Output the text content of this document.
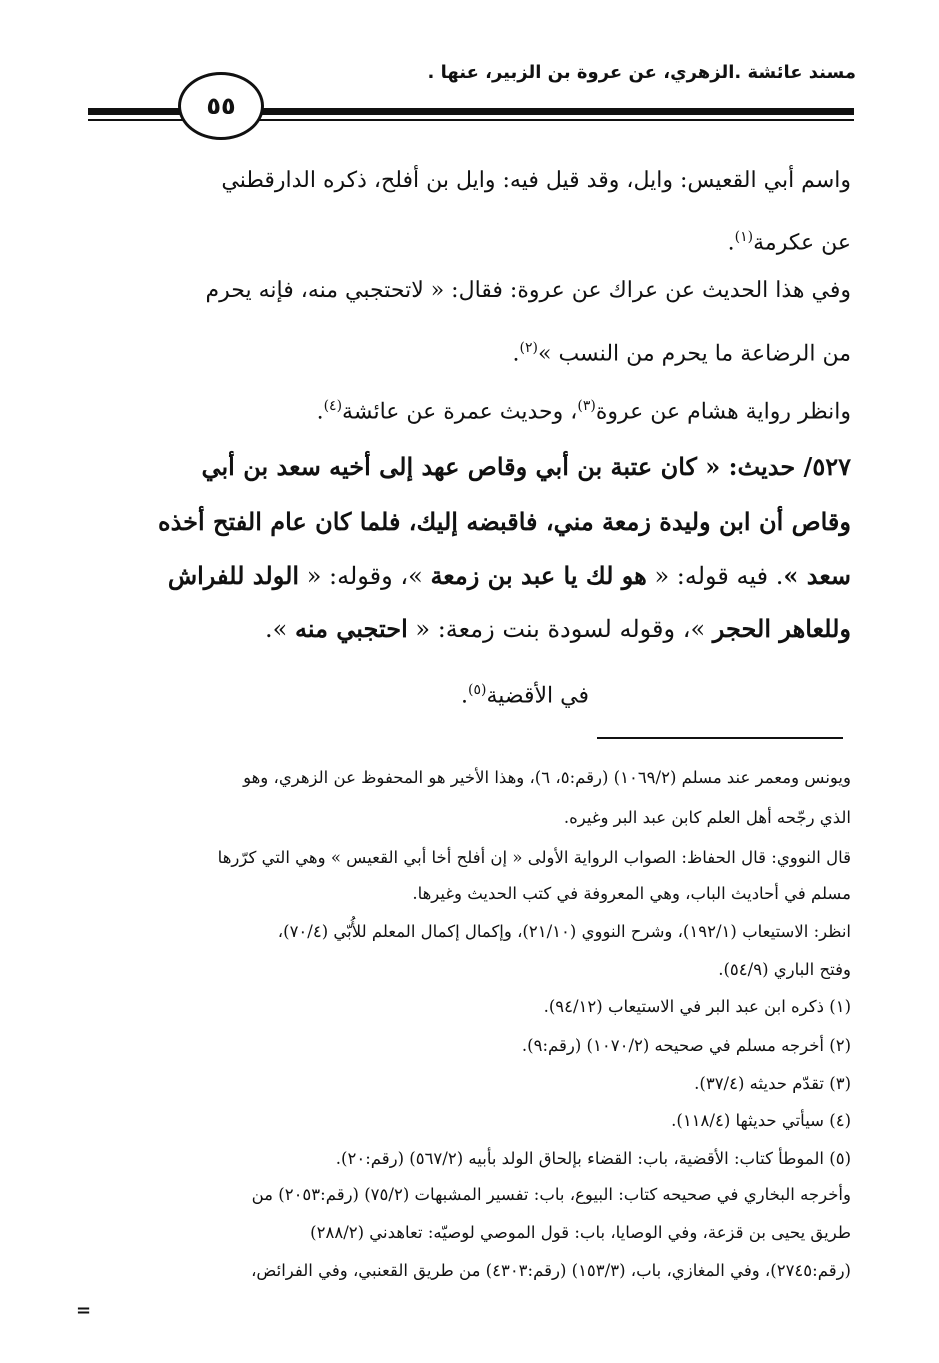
مسند عائشة .الزهري، عن عروة بن الزبير، عنها .
٥٥
واسم أبي القعيس: وايل، وقد قيل فيه: وايل بن أفلح، ذكره الدارقطني
عن عكرمة$^{(١)}$.
وفي هذا الحديث عن عراك عن عروة: فقال: « لاتحتجبي منه، فإنه يحرم
من الرضاعة ما يحرم من النسب »$^{(٢)}$.
وانظر رواية هشام عن عروة$^{(٣)}$، وحديث عمرة عن عائشة$^{(٤)}$.
٥٢٧/ حديث: « كان عتبة بن أبي وقاص عهد إلى أخيه سعد بن أبي
وقاص أن ابن وليدة زمعة مني، فاقبضه إليك، فلما كان عام الفتح أخذه
سعد ». فيه قوله: « هو لك يا عبد بن زمعة »، وقوله: « الولد للفراش
وللعاهر الحجر »، وقوله لسودة بنت زمعة: « احتجبي منه ».
في الأقضية$^{(٥)}$.
ويونس ومعمر عند مسلم (١٠٦٩/٢) (رقم:٥، ٦)، وهذا الأخير هو المحفوظ عن الزهري، وهو
الذي رجّحه أهل العلم كابن عبد البر وغيره.
قال النووي: قال الحفاظ: الصواب الرواية الأولى « إن أفلح أخا أبي القعيس » وهي التي كرّرها
مسلم في أحاديث الباب، وهي المعروفة في كتب الحديث وغيرها.
انظر: الاستيعاب (١٩٢/١)، وشرح النووي (٢١/١٠)، وإكمال إكمال المعلم للأُبّي (٧٠/٤)،
وفتح الباري (٥٤/٩).
(١) ذكره ابن عبد البر في الاستيعاب (٩٤/١٢).
(٢) أخرجه مسلم في صحيحه (١٠٧٠/٢) (رقم:٩).
(٣) تقدّم حديثه (٣٧/٤).
(٤) سيأتي حديثها (١١٨/٤).
(٥) الموطأ كتاب: الأقضية، باب: القضاء بإلحاق الولد بأبيه (٥٦٧/٢) (رقم:٢٠).
وأخرجه البخاري في صحيحه كتاب: البيوع، باب: تفسير المشبهات (٧٥/٢) (رقم:٢٠٥٣) من
طريق يحيى بن قزعة، وفي الوصايا، باب: قول الموصي لوصيّه: تعاهدني (٢٨٨/٢)
(رقم:٢٧٤٥)، وفي المغازي، باب، (١٥٣/٣) (رقم:٤٣٠٣) من طريق القعنبي، وفي الفرائض،
=
